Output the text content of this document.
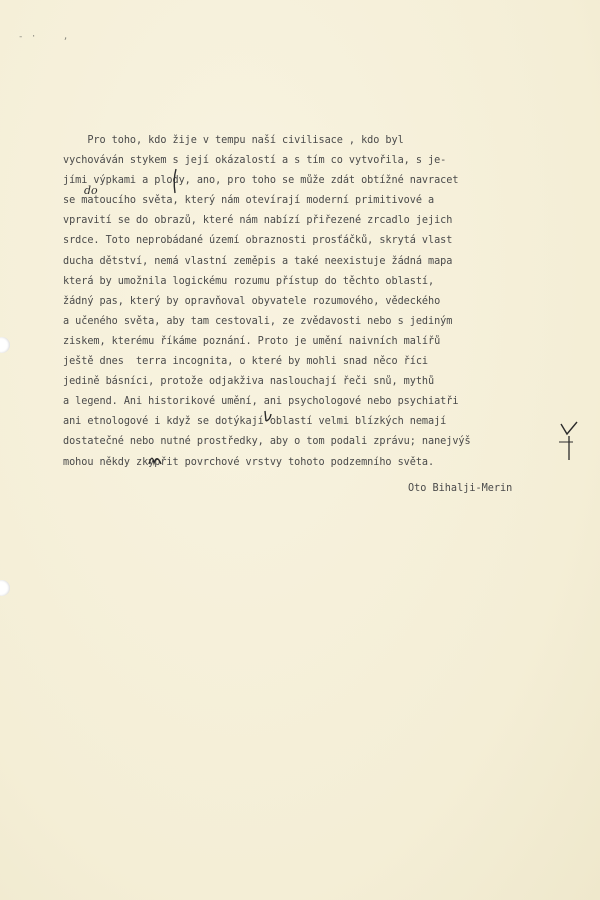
- ·    ,
Pro toho, kdo žije v tempu naší civilisace , kdo byl
vychováván stykem s její okázalostí a s tím co vytvořila, s je-
jími výpkami a plody, ano, pro toho se může zdát obtížné navracet
se matoucího světa, který nám otevírají moderní primitivové a
vpravití se do obrazů, které nám nabízí přiřezené zrcadlo jejich
srdce. Toto neprobádané území obraznosti prosťáčků, skrytá vlast
ducha dětství, nemá vlastní zeměpis a také neexistuje žádná mapa
která by umožnila logickému rozumu přístup do těchto oblastí,
žádný pas, který by opravňoval obyvatele rozumového, vědeckého
a učeného světa, aby tam cestovali, ze zvědavosti nebo s jediným
ziskem, kterému říkáme poznání. Proto je umění naivních malířů
ještě dnes  terra incognita, o které by mohli snad něco říci
jedině básníci, protože odjakživa naslouchají řeči snů, mythů
a legend. Ani historikové umění, ani psychologové nebo psychiatři
ani etnologové i když se dotýkají oblastí velmi blízkých nemají
dostatečné nebo nutné prostředky, aby o tom podali zprávu; nanejvýš
mohou někdy zkypřit povrchové vrstvy tohoto podzemního světa.
Oto Bihalji-Merin
do
